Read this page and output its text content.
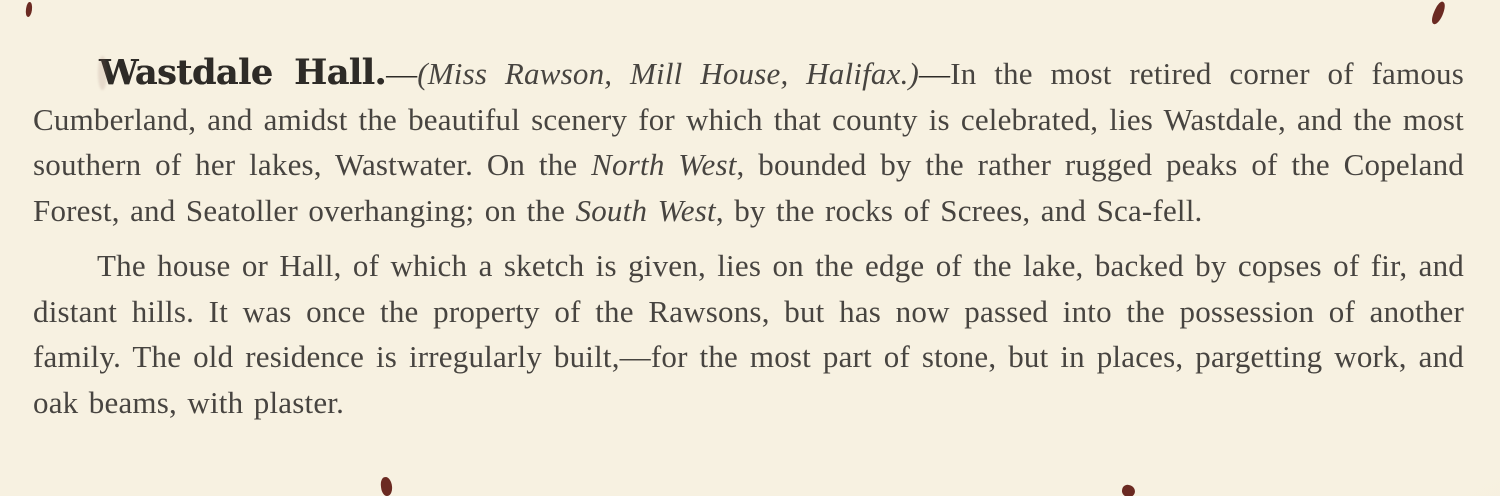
Wastdale Hall.—(Miss Rawson, Mill House, Halifax.)—In the most retired corner of famous Cumberland, and amidst the beautiful scenery for which that county is celebrated, lies Wastdale, and the most southern of her lakes, Wastwater. On the North West, bounded by the rather rugged peaks of the Copeland Forest, and Seatoller overhanging; on the South West, by the rocks of Screes, and Sca-fell.

The house or Hall, of which a sketch is given, lies on the edge of the lake, backed by copses of fir, and distant hills. It was once the property of the Rawsons, but has now passed into the possession of another family. The old residence is irregularly built,—for the most part of stone, but in places, pargetting work, and oak beams, with plaster.
